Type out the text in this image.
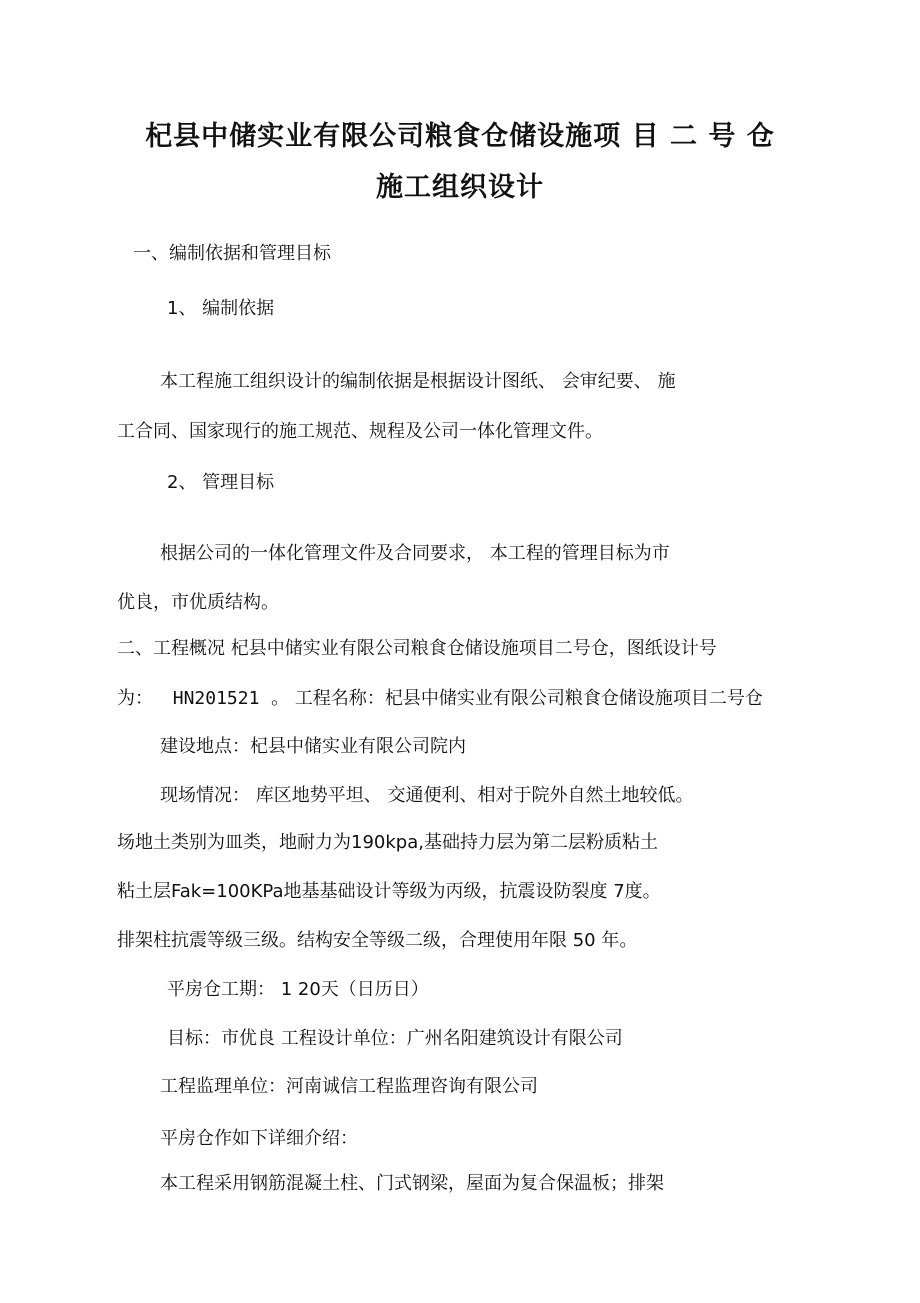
杞县中储实业有限公司粮食仓储设施项 目 二 号 仓
施工组织设计
一、编制依据和管理目标
1、 编制依据
本工程施工组织设计的编制依据是根据设计图纸、 会审纪要、 施
工合同、国家现行的施工规范、规程及公司一体化管理文件。
2、 管理目标
根据公司的一体化管理文件及合同要求， 本工程的管理目标为市
优良，市优质结构。
二、工程概况 杞县中储实业有限公司粮食仓储设施项目二号仓，图纸设计号
为： HN201521 。 工程名称：杞县中储实业有限公司粮食仓储设施项目二号仓
建设地点：杞县中储实业有限公司院内
现场情况： 库区地势平坦、 交通便利、相对于院外自然土地较低。
场地土类别为皿类，地耐力为190kpa,基础持力层为第二层粉质粘土
粘土层Fak=100KPa地基基础设计等级为丙级，抗震设防裂度 7度。
排架柱抗震等级三级。结构安全等级二级，合理使用年限 50 年。
平房仓工期： 1 20天（日历日）
目标：市优良 工程设计单位：广州名阳建筑设计有限公司
工程监理单位：河南诚信工程监理咨询有限公司
平房仓作如下详细介绍：
本工程采用钢筋混凝土柱、门式钢梁，屋面为复合保温板；排架
